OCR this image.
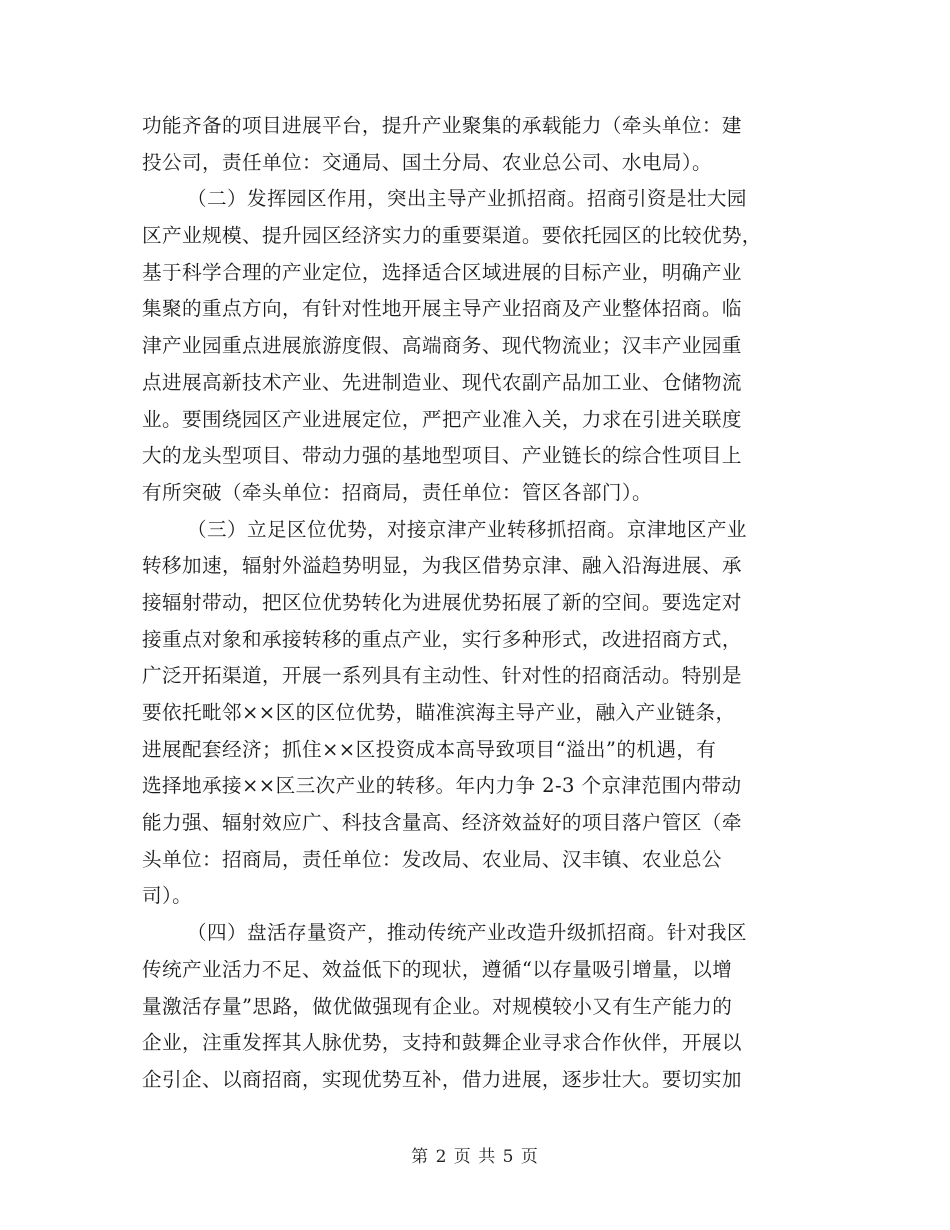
功能齐备的项目进展平台，提升产业聚集的承载能力（牵头单位：建
投公司，责任单位：交通局、国土分局、农业总公司、水电局）。
（二）发挥园区作用，突出主导产业抓招商。招商引资是壮大园
区产业规模、提升园区经济实力的重要渠道。要依托园区的比较优势，
基于科学合理的产业定位，选择适合区域进展的目标产业，明确产业
集聚的重点方向，有针对性地开展主导产业招商及产业整体招商。临
津产业园重点进展旅游度假、高端商务、现代物流业；汉丰产业园重
点进展高新技术产业、先进制造业、现代农副产品加工业、仓储物流
业。要围绕园区产业进展定位，严把产业准入关，力求在引进关联度
大的龙头型项目、带动力强的基地型项目、产业链长的综合性项目上
有所突破（牵头单位：招商局，责任单位：管区各部门）。
（三）立足区位优势，对接京津产业转移抓招商。京津地区产业
转移加速，辐射外溢趋势明显，为我区借势京津、融入沿海进展、承
接辐射带动，把区位优势转化为进展优势拓展了新的空间。要选定对
接重点对象和承接转移的重点产业，实行多种形式，改进招商方式，
广泛开拓渠道，开展一系列具有主动性、针对性的招商活动。特别是
要依托毗邻××区的区位优势，瞄准滨海主导产业，融入产业链条，
进展配套经济；抓住××区投资成本高导致项目“溢出”的机遇，有
选择地承接××区三次产业的转移。年内力争 2-3 个京津范围内带动
能力强、辐射效应广、科技含量高、经济效益好的项目落户管区（牵
头单位：招商局，责任单位：发改局、农业局、汉丰镇、农业总公
司）。
（四）盘活存量资产，推动传统产业改造升级抓招商。针对我区
传统产业活力不足、效益低下的现状，遵循“以存量吸引增量，以增
量激活存量”思路，做优做强现有企业。对规模较小又有生产能力的
企业，注重发挥其人脉优势，支持和鼓舞企业寻求合作伙伴，开展以
企引企、以商招商，实现优势互补，借力进展，逐步壮大。要切实加
第 2 页 共 5 页
